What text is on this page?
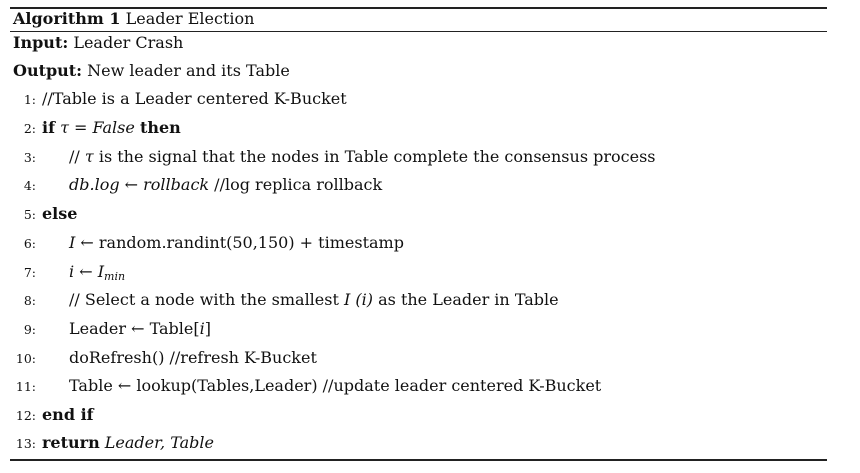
Algorithm 1 Leader Election
Input: Leader Crash
Output: New leader and its Table
1: //Table is a Leader centered K-Bucket
2: if τ = False then
3: // τ is the signal that the nodes in Table complete the consensus process
4: db.log ← rollback //log replica rollback
5: else
6: I ← random.randint(50,150) + timestamp
7: i ← $I_{min}$
8: // Select a node with the smallest I (i) as the Leader in Table
9: Leader ← Table[i]
10: doRefresh() //refresh K-Bucket
11: Table ← lookup(Tables,Leader) //update leader centered K-Bucket
12: end if
13: return Leader, Table
